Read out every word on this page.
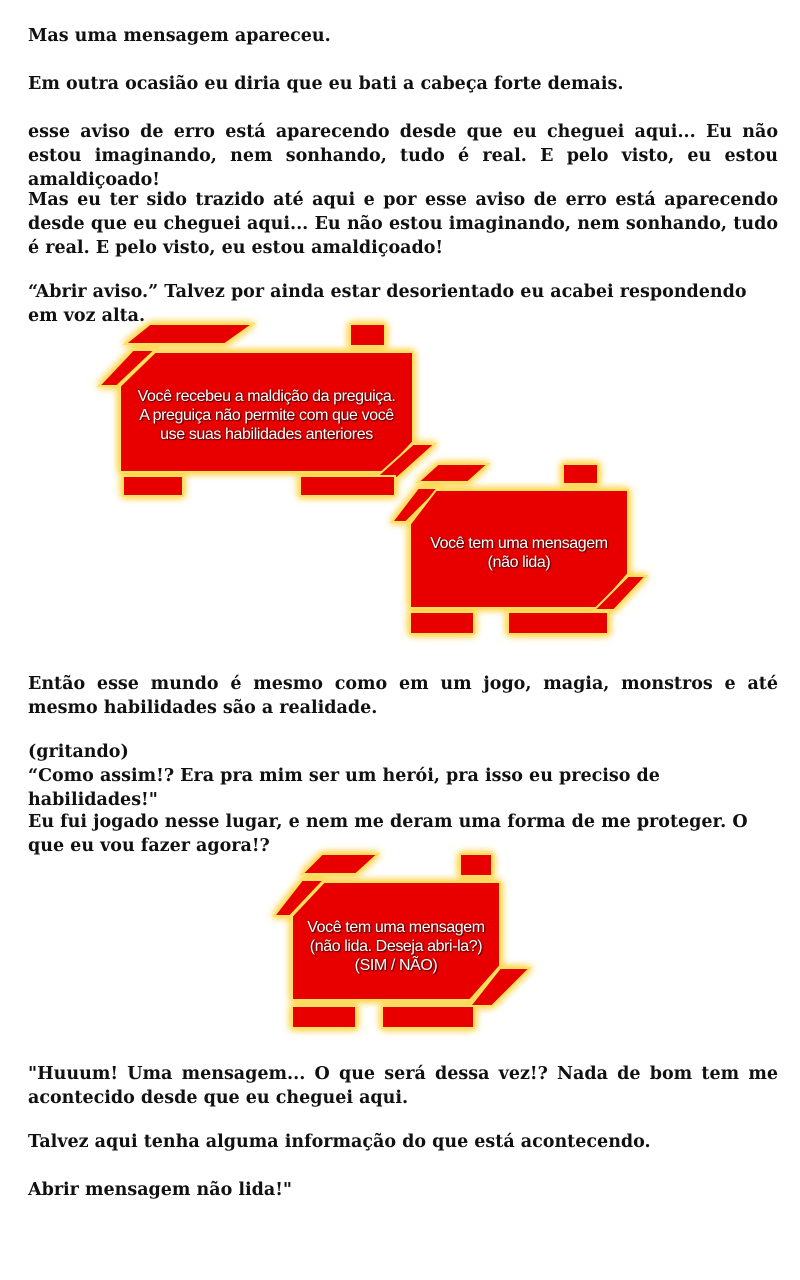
Mas uma mensagem apareceu.

Em outra ocasião eu diria que eu bati a cabeça forte demais.

esse aviso de erro está aparecendo desde que eu cheguei aqui... Eu não estou imaginando, nem sonhando, tudo é real. E pelo visto, eu estou amaldiçoado!

Mas eu ter sido trazido até aqui e por esse aviso de erro está aparecendo desde que eu cheguei aqui... Eu não estou imaginando, nem sonhando, tudo é real. E pelo visto, eu estou amaldiçoado!

“Abrir aviso.” Talvez por ainda estar desorientado eu acabei respondendo em voz alta.

Você recebeu a maldição da preguiça.
A preguiça não permite com que você
use suas habilidades anteriores
Você tem uma mensagem
(não lida)

Então esse mundo é mesmo como em um jogo, magia, monstros e até mesmo habilidades são a realidade.

(gritando)

“Como assim!? Era pra mim ser um herói, pra isso eu preciso de habilidades!"

Eu fui jogado nesse lugar, e nem me deram uma forma de me proteger. O que eu vou fazer agora!?

Você tem uma mensagem
(não lida. Deseja abri-la?)
(SIM / NÃO)

"Huuum! Uma mensagem... O que será dessa vez!? Nada de bom tem me acontecido desde que eu cheguei aqui.

Talvez aqui tenha alguma informação do que está acontecendo.

Abrir mensagem não lida!"
